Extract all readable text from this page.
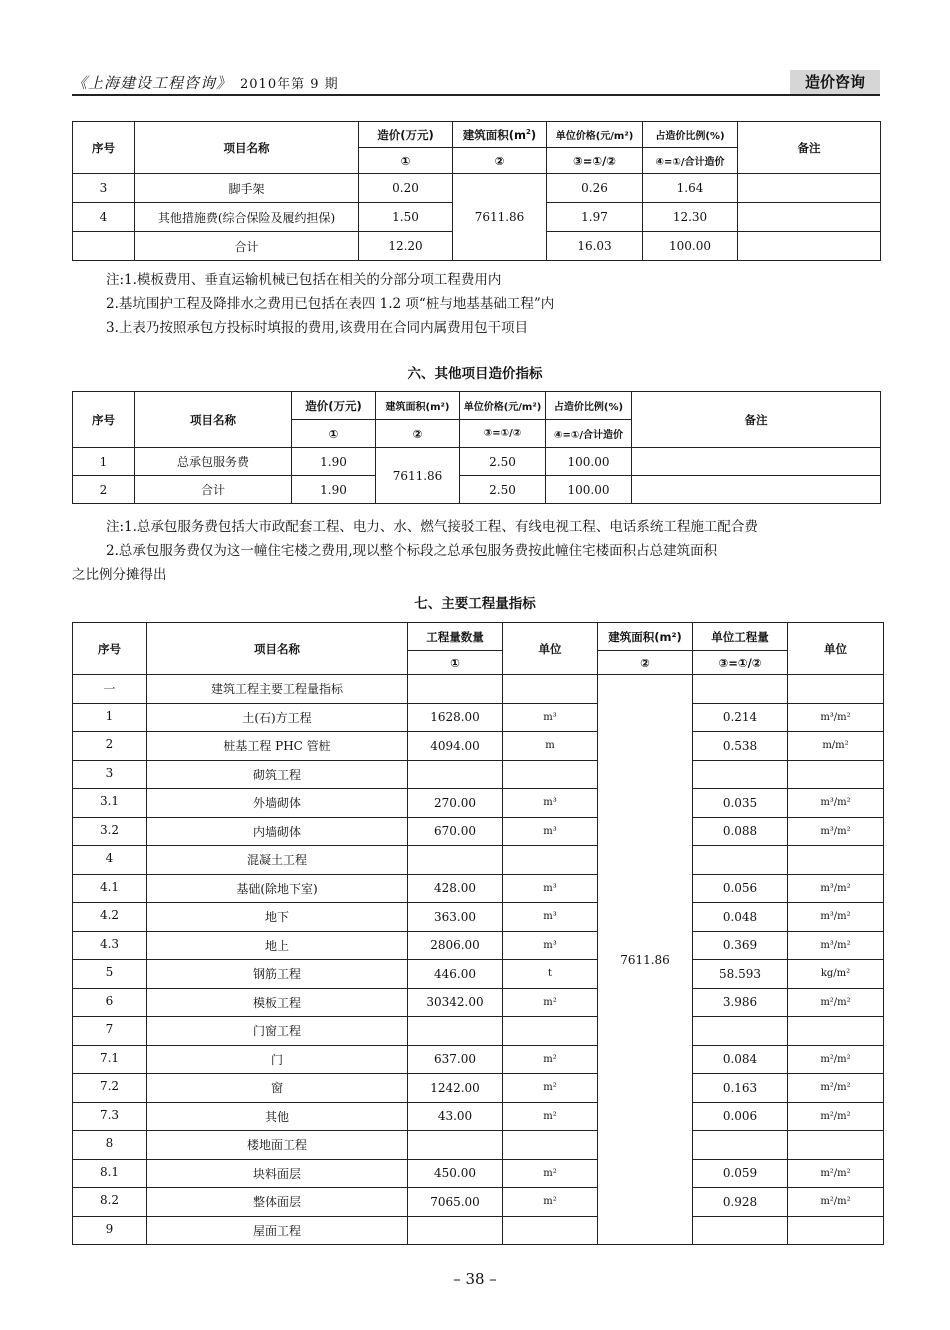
《上海建设工程咨询》 2010年第 9 期	造价咨询
序号	项目名称	造价(万元)	建筑面积$(m^2)$	单位价格(元/m²)	占造价比例(%)	备注
		①	②	③=①/②	④=①/合计造价	
3	脚手架	0.20	7611.86	0.26	1.64	
4	其他措施费(综合保险及履约担保)	1.50		1.97	12.30	
	合计	12.20		16.03	100.00	

注:1.模板费用、垂直运输机械已包括在相关的分部分项工程费用内

2.基坑围护工程及降排水之费用已包括在表四 1.2 项“桩与地基基础工程”内

3.上表乃按照承包方投标时填报的费用,该费用在合同内属费用包干项目

六、其他项目造价指标
序号	项目名称	造价(万元)	建筑面积(m²)	单位价格(元/m²)	占造价比例(%)	备注
		①	②	③=①/②	④=①/合计造价	
1	总承包服务费	1.90	7611.86	2.50	100.00	
2	合计	1.90		2.50	100.00	

注:1.总承包服务费包括大市政配套工程、电力、水、燃气接驳工程、有线电视工程、电话系统工程施工配合费

2.总承包服务费仅为这一幢住宅楼之费用,现以整个标段之总承包服务费按此幢住宅楼面积占总建筑面积

之比例分摊得出

七、主要工程量指标
序号	项目名称	工程量数量	单位	建筑面积(m²)	单位工程量	单位
		①		②	③=①/②	
一	建筑工程主要工程量指标			7611.86		
1	土(石)方工程	1628.00	m³		0.214	m³/m²
2	桩基工程 PHC 管桩	4094.00	m		0.538	m/m²
3	砌筑工程					
3.1	外墙砌体	270.00	m³		0.035	m³/m²
3.2	内墙砌体	670.00	m³		0.088	m³/m²
4	混凝土工程					
4.1	基础(除地下室)	428.00	m³		0.056	m³/m²
4.2	地下	363.00	m³		0.048	m³/m²
4.3	地上	2806.00	m³		0.369	m³/m²
5	钢筋工程	446.00	t		58.593	kg/m²
6	模板工程	30342.00	m²		3.986	m²/m²
7	门窗工程					
7.1	门	637.00	m²		0.084	m²/m²
7.2	窗	1242.00	m²		0.163	m²/m²
7.3	其他	43.00	m²		0.006	m²/m²
8	楼地面工程					
8.1	块料面层	450.00	m²		0.059	m²/m²
8.2	整体面层	7065.00	m²		0.928	m²/m²
9	屋面工程					
– 38 –
